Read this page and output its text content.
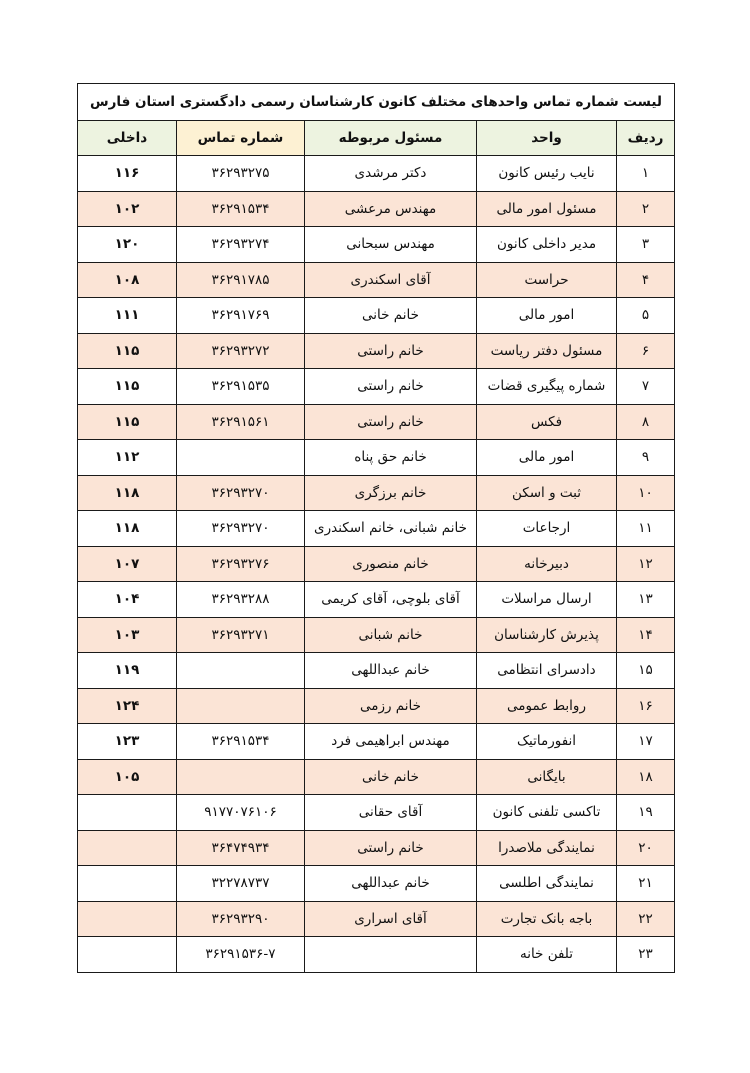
لیست شماره تماس واحدهای مختلف کانون کارشناسان رسمی دادگستری استان فارس				
ردیف	واحد	مسئول مربوطه	شماره تماس	داخلی
۱	نایب رئیس کانون	دکتر مرشدی	۳۶۲۹۳۲۷۵	۱۱۶
۲	مسئول امور مالی	مهندس مرعشی	۳۶۲۹۱۵۳۴	۱۰۲
۳	مدیر داخلی کانون	مهندس سبحانی	۳۶۲۹۳۲۷۴	۱۲۰
۴	حراست	آقای اسکندری	۳۶۲۹۱۷۸۵	۱۰۸
۵	امور مالی	خانم خانی	۳۶۲۹۱۷۶۹	۱۱۱
۶	مسئول دفتر ریاست	خانم راستی	۳۶۲۹۳۲۷۲	۱۱۵
۷	شماره پیگیری قضات	خانم راستی	۳۶۲۹۱۵۳۵	۱۱۵
۸	فکس	خانم راستی	۳۶۲۹۱۵۶۱	۱۱۵
۹	امور مالی	خانم حق پناه		۱۱۲
۱۰	ثبت و اسکن	خانم برزگری	۳۶۲۹۳۲۷۰	۱۱۸
۱۱	ارجاعات	خانم شبانی، خانم اسکندری	۳۶۲۹۳۲۷۰	۱۱۸
۱۲	دبیرخانه	خانم منصوری	۳۶۲۹۳۲۷۶	۱۰۷
۱۳	ارسال مراسلات	آقای بلوچی، آقای کریمی	۳۶۲۹۳۲۸۸	۱۰۴
۱۴	پذیرش کارشناسان	خانم شبانی	۳۶۲۹۳۲۷۱	۱۰۳
۱۵	دادسرای انتظامی	خانم عبداللهی		۱۱۹
۱۶	روابط عمومی	خانم رزمی		۱۲۴
۱۷	انفورماتیک	مهندس ابراهیمی فرد	۳۶۲۹۱۵۳۴	۱۲۳
۱۸	بایگانی	خانم خانی		۱۰۵
۱۹	تاکسی تلفنی کانون	آقای حقانی	۹۱۷۷۰۷۶۱۰۶	
۲۰	نمایندگی ملاصدرا	خانم راستی	۳۶۴۷۴۹۳۴	
۲۱	نمایندگی اطلسی	خانم عبداللهی	۳۲۲۷۸۷۳۷	
۲۲	باجه بانک تجارت	آقای اسراری	۳۶۲۹۳۲۹۰	
۲۳	تلفن خانه		۳۶۲۹۱۵۳۶-۷	
